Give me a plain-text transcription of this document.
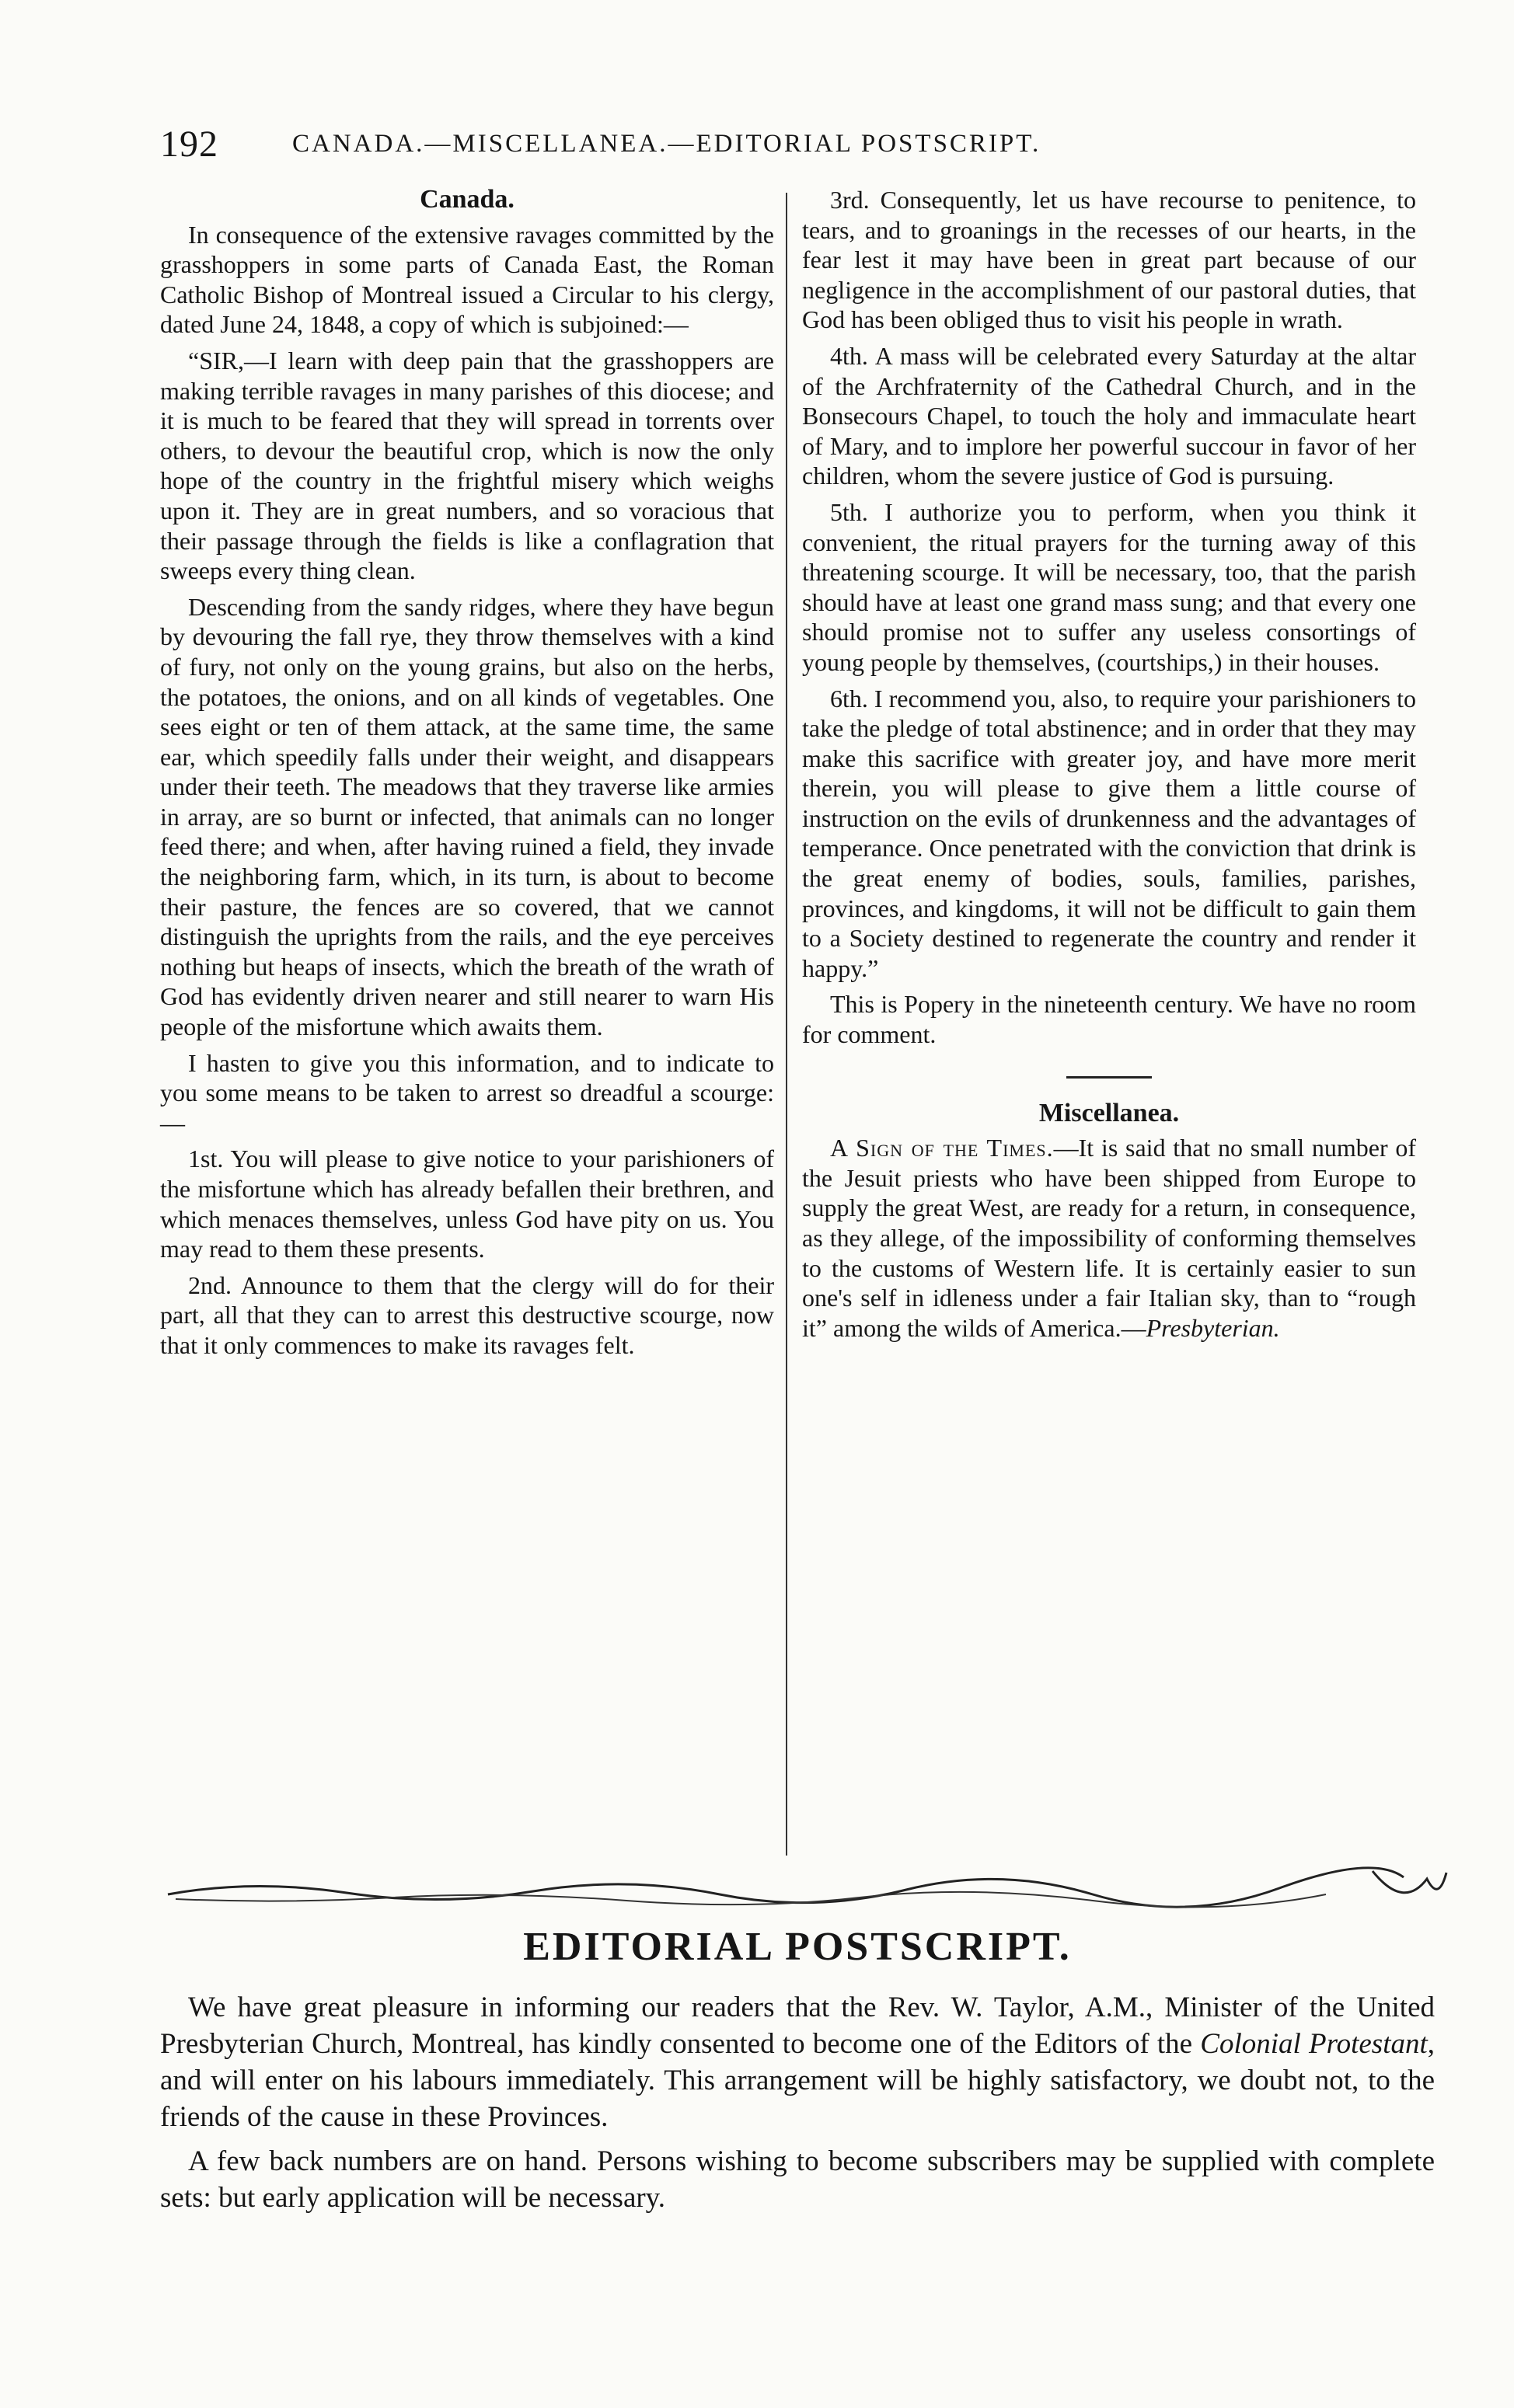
192	CANADA.—MISCELLANEA.—EDITORIAL POSTSCRIPT.
Canada.

In consequence of the extensive ravages committed by the grasshoppers in some parts of Canada East, the Roman Catholic Bishop of Montreal issued a Circular to his clergy, dated June 24, 1848, a copy of which is subjoined:—

“SIR,—I learn with deep pain that the grasshoppers are making terrible ravages in many parishes of this diocese; and it is much to be feared that they will spread in torrents over others, to devour the beautiful crop, which is now the only hope of the country in the frightful misery which weighs upon it. They are in great numbers, and so voracious that their passage through the fields is like a conflagration that sweeps every thing clean.

Descending from the sandy ridges, where they have begun by devouring the fall rye, they throw themselves with a kind of fury, not only on the young grains, but also on the herbs, the potatoes, the onions, and on all kinds of vegetables. One sees eight or ten of them attack, at the same time, the same ear, which speedily falls under their weight, and disappears under their teeth. The meadows that they traverse like armies in array, are so burnt or infected, that animals can no longer feed there; and when, after having ruined a field, they invade the neighboring farm, which, in its turn, is about to become their pasture, the fences are so covered, that we cannot distinguish the uprights from the rails, and the eye perceives nothing but heaps of insects, which the breath of the wrath of God has evidently driven nearer and still nearer to warn His people of the misfortune which awaits them.

I hasten to give you this information, and to indicate to you some means to be taken to arrest so dreadful a scourge:—

1st. You will please to give notice to your parishioners of the misfortune which has already befallen their brethren, and which menaces themselves, unless God have pity on us. You may read to them these presents.

2nd. Announce to them that the clergy will do for their part, all that they can to arrest this destructive scourge, now that it only commences to make its ravages felt.

3rd. Consequently, let us have recourse to penitence, to tears, and to groanings in the recesses of our hearts, in the fear lest it may have been in great part because of our negligence in the accomplishment of our pastoral duties, that God has been obliged thus to visit his people in wrath.

4th. A mass will be celebrated every Saturday at the altar of the Archfraternity of the Cathedral Church, and in the Bonsecours Chapel, to touch the holy and immaculate heart of Mary, and to implore her powerful succour in favor of her children, whom the severe justice of God is pursuing.

5th. I authorize you to perform, when you think it convenient, the ritual prayers for the turning away of this threatening scourge. It will be necessary, too, that the parish should have at least one grand mass sung; and that every one should promise not to suffer any useless consortings of young people by themselves, (courtships,) in their houses.

6th. I recommend you, also, to require your parishioners to take the pledge of total abstinence; and in order that they may make this sacrifice with greater joy, and have more merit therein, you will please to give them a little course of instruction on the evils of drunkenness and the advantages of temperance. Once penetrated with the conviction that drink is the great enemy of bodies, souls, families, parishes, provinces, and kingdoms, it will not be difficult to gain them to a Society destined to regenerate the country and render it happy.”

This is Popery in the nineteenth century. We have no room for comment.

Miscellanea.

A Sign of the Times.—It is said that no small number of the Jesuit priests who have been shipped from Europe to supply the great West, are ready for a return, in consequence, as they allege, of the impossibility of conforming themselves to the customs of Western life. It is certainly easier to sun one's self in idleness under a fair Italian sky, than to “rough it” among the wilds of America.—Presbyterian.

EDITORIAL POSTSCRIPT.

We have great pleasure in informing our readers that the Rev. W. Taylor, A.M., Minister of the United Presbyterian Church, Montreal, has kindly consented to become one of the Editors of the Colonial Protestant, and will enter on his labours immediately. This arrangement will be highly satisfactory, we doubt not, to the friends of the cause in these Provinces.

A few back numbers are on hand. Persons wishing to become subscribers may be supplied with complete sets: but early application will be necessary.
